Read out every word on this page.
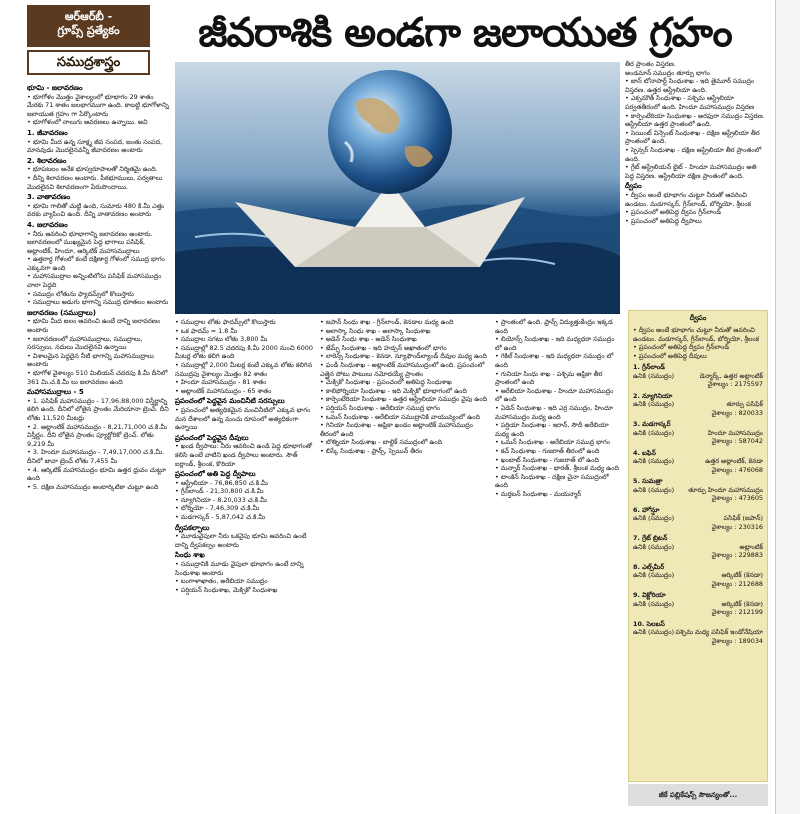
ఆర్‌ఆర్‌బీ -
గ్రూప్స్ ప్రత్యేకం
సముద్రశాస్త్రం
జీవరాశికి అండగా జలాయుత గ్రహం
భూమి - జలావరణం
• భూగోళం మొత్తం వైశాల్యంలో భూభాగం 29 శాతం మేరకు 71 శాతం జలభాగముగా ఉంది. కాబట్టి భూగోళాన్ని జలాయుత గ్రహం గా పేర్కొంటారు
• భూగోళంలో నాలుగు ఆవరణలు ఉన్నాయి. అవి
1. జీవావరణం
• భూమి మీద ఉన్న సూక్ష్మ జీవ సంపద, జంతు సంపద, మానవుడు మొదలైనవన్నీ జీవావరణం అంటారు
2. శిలావరణం
• భూపటలం అనేక భూస్వరూపాలతో నిర్మితమై ఉంది.
• దీన్ని శిలావరణం అంటారు. పీఠభూములు, పర్వతాలు మొదలైనవి శిలావరణంగా పేరుపొందాయి.
3. వాతావరణం
• భూమి గాలితో చుట్టి ఉంది, సుమారు 480 కి.మీ ఎత్తు వరకు వ్యాపించి ఉంది. దీన్ని వాతావరణం అంటారు
4. జలావరణం
• నీరు ఆవరించి భూభాగాన్ని జలావరణం అంటారు. జలావరణంలో ముఖ్యమైన పెద్ద భాగాలు పసిఫిక్, అట్లాంటిక్, హిందూ, ఆర్కిటిక్ మహాసముద్రాలు
• ఉత్తరార్ధ గోళంలో కంటే దక్షిణార్ధ గోళంలో సముద్ర భాగం ఎక్కువగా ఉంది
• మహాసముద్రాల అన్నింటిలోను పసిఫిక్ మహాసముద్రం చాలా పెద్దది
• సముద్రం లోతును ఫ్యాదమ్స్‌లో కొలుస్తారు
• సముద్రాలు అడుగు భాగాన్ని సముద్ర భూతలం అంటారు
జలావరణం (సముద్రాలు)
• భూమి మీద జలం ఆవరించి ఉంటే దాన్ని జలావరణం అంటారు
• జలావరణంలో మహాసముద్రాలు, సముద్రాలు, సరస్సులు, నదులు మొదలైనవి ఉన్నాయి
• విశాలమైన పెద్దదైన నీటి భాగాన్ని మహాసముద్రాలు అంటారు
• భూగోళ వైశాల్యం 510 మిలియన్ చదరపు కి.మీ దీనిలో 361 మి.చ.కి.మీ లు జలావరణం ఉంది
మహాసముద్రాలు - 5
• 1. పసిఫిక్ మహాసముద్రం - 17,96,88,000 విస్తీర్ణాన్ని కలిగి ఉంది. దీనిలో లోతైన ప్రాంతం మేరియానా ట్రెంచ్. దీని లోతు 11,520 మీటర్లు
• 2. అట్లాంటిక్ మహాసముద్రం - 8,21,71,000 చ.కి.మీ విస్తీర్ణం. దీని లోతైన ప్రాంతం ప్యూర్టోరికో ట్రెంచ్. లోతు 9,219 మీ
• 3. హిందూ మహాసముద్రం - 7,49,17,000 చ.కి.మీ. దీనిలో జావా ట్రెంచ్ లోతు 7,455 మీ
• 4. ఆర్కిటిక్ మహాసముద్రం భూమి ఉత్తర ధ్రువం చుట్టూ ఉంది
• 5. దక్షిణ మహాసముద్రం అంటార్కిటికా చుట్టూ ఉంది
• సముద్రాల లోతు ఫాదమ్స్‌లో కొలుస్తారు
• ఒక ఫాదమ్ = 1.8 మీ
• సముద్రాల సగటు లోతు 3,800 మీ
• సముద్రాల్లో 82.5 చదరపు కి.మీ 2000 నుంచి 6000 మీటర్ల లోతు కలిగి ఉంది
• సముద్రాల్లో 2,000 మీటర్ల కంటే ఎక్కువ లోతు కలిగిన సముద్రపు వైశాల్యం మొత్తం 82 శాతం
• హిందూ మహాసముద్రం - 81 శాతం
• అట్లాంటిక్ మహాసముద్రం - 65 శాతం
ప్రపంచంలో పెద్దవైన మంచినీటి సరస్సులు
• ప్రపంచంలో అత్యధికమైన మంచినీటిలో ఎక్కువ భాగం మన దేశాలలో ఉన్న మంచు రూపంలో అత్యధికంగా ఉన్నాయి
ప్రపంచంలో పెద్దవైన దీవులు
• ఖండ ద్వీపాలు: నీరు ఆవరించి ఉండి పెద్ద భూభాగంతో కలిసి ఉంటే వాటిని ఖండ ద్వీపాలు అంటారు. సౌత్ ఐర్లాండ్, శ్రీలంక, కొరియా
ప్రపంచంలో అతి పెద్ద ద్వీపాలు
• ఆస్ట్రేలియా - 76,86,850 చ.కి.మీ
• గ్రీన్‌లాండ్ - 21,30,800 చ.కి.మీ
• న్యూగినియా - 8,20,033 చ.కి.మీ
• బోర్నియో - 7,46,309 చ.కి.మీ
• మడగాస్కర్ - 5,87,042 చ.కి.మీ
ద్వీపకల్పాలు
• మూడువైపులా నీరు ఒకవైపు భూమి ఆవరించి ఉంటే దాన్ని ద్వీపకల్పం అంటారు
సింధు శాఖ
• సముద్రానికి మూడు వైపులా భూభాగం ఉంటే దాన్ని సింధుశాఖ అంటారు
• బంగాళాఖాతం, అరేబియా సముద్రం
• పర్షియన్ సింధుశాఖ, మెక్సికో సింధుశాఖ
• జపాన్ సింధు శాఖ - గ్రీన్‌లాండ్, కెనడాల మధ్య ఉంది
• అలాస్కా సింధు శాఖ - అలాస్కా సింధుశాఖ
• అడెన్ సింధు శాఖ - అడెన్ సింధుశాఖ
• జేమ్స్ సింధుశాఖ - ఇది హడ్సన్ అఖాతంలో భాగం
• లారెన్స్ సింధుశాఖ - కెనడా, న్యూఫౌండ్‌ల్యాండ్ దీవుల మధ్య ఉంది
• ఫండీ సింధుశాఖ - అట్లాంటిక్ మహాసముద్రంలో ఉంది. ప్రపంచంలో ఎత్తైన పోటు పాటులు నమోదయ్యే ప్రాంతం
• మెక్సికో సింధుశాఖ - ప్రపంచంలో అతిపెద్ద సింధుశాఖ
• కాలిఫోర్నియా సింధుశాఖ - ఇది మెక్సికో భూభాగంలో ఉంది
• కార్పెంటేరియా సింధుశాఖ - ఉత్తర ఆస్ట్రేలియా సముద్రం వైపు ఉంది
• పర్షియన్ సింధుశాఖ - అరేబియా సముద్ర భాగం
• ఒమన్ సింధుశాఖ - అరేబియా సముద్రానికి వాయువ్యంలో ఉంది
• గినియా సింధుశాఖ - ఆఫ్రికా ఖండం అట్లాంటిక్ మహాసముద్రం తీరంలో ఉంది
• బొత్నియా సింధుశాఖ - బాల్టిక్ సముద్రంలో ఉంది
• బిస్కే సింధుశాఖ - ఫ్రాన్స్, స్పెయిన్ తీరం
• ప్రాంతంలో ఉంది. ఫ్రాన్స్ విద్యుత్తుకేంద్రం ఇక్కడ ఉంది
• లియోన్స్ సింధుశాఖ - ఇది మధ్యధరా సముద్రం లో ఉంది
• గెకిల్ సింధుశాఖ - ఇది మధ్యధరా సముద్రం లో ఉంది
• గునియా సింధు శాఖ - పశ్చిమ ఆఫ్రికా తీర ప్రాంతంలో ఉంది
• అరేబియా సింధుశాఖ - హిందూ మహాసముద్రం లో ఉంది
• ఏడెన్ సింధుశాఖ - ఇది ఎర్ర సముద్రం, హిందూ మహాసముద్రం మధ్య ఉంది
• పర్షియా సింధుశాఖ - ఇరాన్, సౌదీ అరేబియా మధ్య ఉంది
• ఒమన్ సింధుశాఖ - అరేబియా సముద్ర భాగం
• కచ్ సింధుశాఖ - గుజరాత్ తీరంలో ఉంది
• ఖంబాట్ సింధుశాఖ - గుజరాత్ లో ఉంది
• మన్నార్ సింధుశాఖ - భారత్, శ్రీలంక మధ్య ఉంది
• టాంకిన్ సింధుశాఖ - దక్షిణ చైనా సముద్రంలో ఉంది
• మర్తబన్ సింధుశాఖ - మయన్మార్
తీర ప్రాంతం విస్తరణ.
అండమాన్ సముద్రం తూర్పు భాగం
• జాన్ బోనాపార్ట్ సింధుశాఖ - ఇది తైమూర్ సముద్రం విస్తరణ. ఉత్తర ఆస్ట్రేలియా ఉంది.
• ఎక్సమౌత్ సింధుశాఖ - పశ్చిమ ఆస్ట్రేలియా పర్వతతీరంలో ఉంది. హిందూ మహాసముద్రం విస్తరణ
• కార్పెంటేరియా సింధుశాఖ - అరఫురా సముద్రం విస్తరణ. ఆస్ట్రేలియా ఉత్తర ప్రాంతంలో ఉంది.
• సెయింట్ విన్సెంట్ సింధుశాఖ - దక్షిణ ఆస్ట్రేలియా తీర ప్రాంతంలో ఉంది.
• స్పెన్సర్ సింధుశాఖ - దక్షిణ ఆస్ట్రేలియా తీర ప్రాంతంలో ఉంది.
• గ్రేట్ ఆస్ట్రేలియన్ బైట్ - హిందూ మహాసముద్రం అతి పెద్ద విస్తరణ. ఆస్ట్రేలియా దక్షిణ ప్రాంతంలో ఉంది.
ద్వీపం
• ద్వీపం అంటే భూభాగం చుట్టూ నీరుతో ఆవరించి ఉండటం. మడగాస్కర్, గ్రీన్‌లాండ్, బోర్నియో, శ్రీలంక
• ప్రపంచంలో అతిపెద్ద ద్వీపం గ్రీన్‌లాండ్
• ప్రపంచంలో అతిపెద్ద ద్వీపాలు
ద్వీపం
• ద్వీపం అంటే భూభాగం చుట్టూ నీరుతో ఆవరించి ఉండటం. మడగాస్కర్, గ్రీన్‌లాండ్, బోర్నియో, శ్రీలంక
• ప్రపంచంలో అతిపెద్ద ద్వీపం గ్రీన్‌లాండ్
• ప్రపంచంలో అతిపెద్ద దీవులు
1. గ్రీన్‌లాండ్
ఉనికి (సముద్రం)	డెన్మార్క్, ఉత్తర అట్లాంటిక్
వైశాల్యం : 2175597
2. న్యూగినియా
ఉనికి (సముద్రం)	తూర్పు పసిఫిక్
వైశాల్యం : 820033
3. మడగాస్కర్
ఉనికి (సముద్రం)	హిందూ మహాసముద్రం
వైశాల్యం : 587042
4. బఫిన్
ఉనికి (సముద్రం)	ఉత్తర అట్లాంటిక్, కెనడా
వైశాల్యం : 476068
5. సుమత్రా
ఉనికి (సముద్రం) తూర్పు హిందూ మహాసముద్రం
వైశాల్యం : 473605
6. హోన్షూ
ఉనికి (సముద్రం)	పసిఫిక్ (జపాన్)
వైశాల్యం : 230316
7. గ్రేట్ బ్రిటన్
ఉనికి (సముద్రం)	అట్లాంటిక్
వైశాల్యం : 229883
8. ఎల్స్‌మీర్
ఉనికి (సముద్రం)	ఆర్కిటిక్ (కెనడా)
వైశాల్యం : 212688
9. విక్టోరియా
ఉనికి (సముద్రం)	ఆర్కిటిక్ (కెనడా)
వైశాల్యం : 212199
10. సెలబస్
ఉనికి (సముద్రం) పశ్చిమ మధ్య పసిఫిక్ ఇండోనేషియా
వైశాల్యం : 189034
జీకే పబ్లికేషన్స్ సౌజన్యంతో...
